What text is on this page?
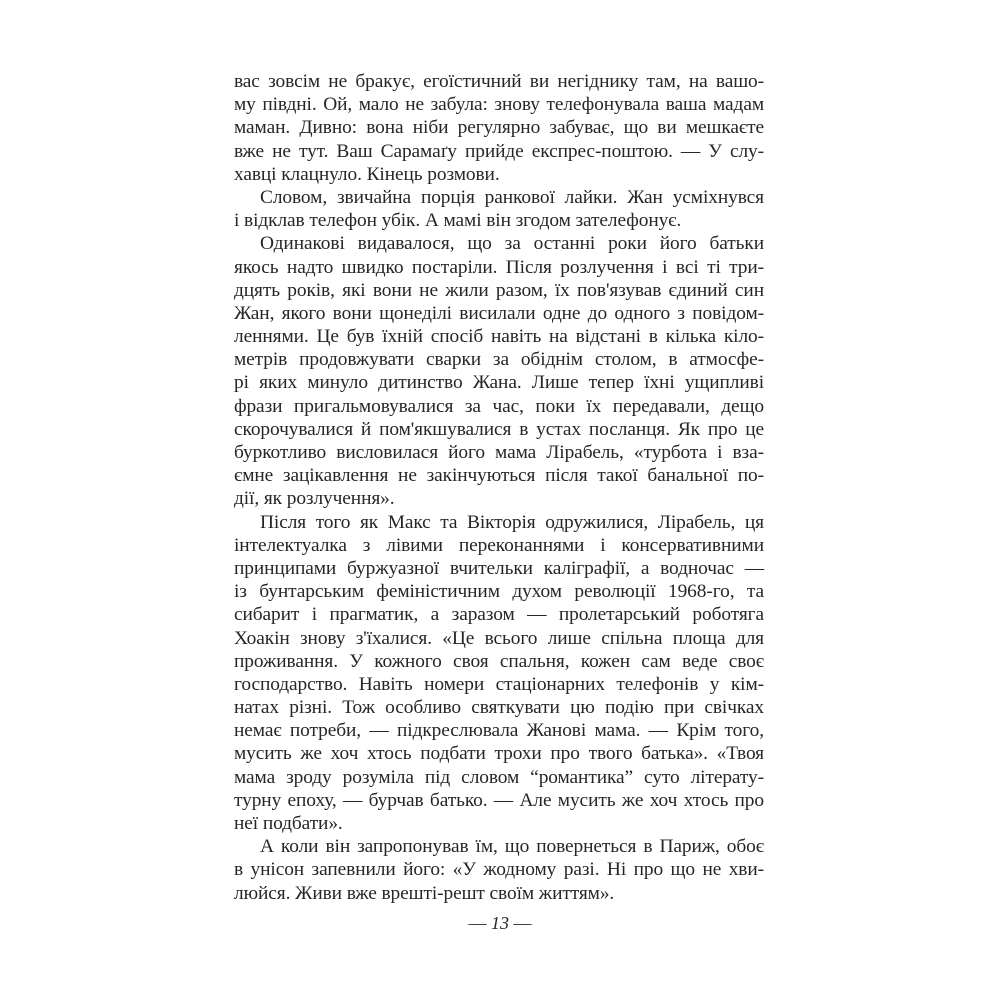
вас зовсім не бракує, егоїстичний ви негіднику там, на вашо-
му півдні. Ой, мало не забула: знову телефонувала ваша мадам
маман. Дивно: вона ніби регулярно забуває, що ви мешкаєте
вже не тут. Ваш Сарамаґу прийде експрес-поштою. — У слу-
хавці клацнуло. Кінець розмови.
Словом, звичайна порція ранкової лайки. Жан усміхнувся
і відклав телефон убік. А мамі він згодом зателефонує.
Одинаковi видавалося, що за останні роки його батьки
якось надто швидко постаріли. Після розлучення і всі ті три-
дцять років, які вони не жили разом, їх пов'язував єдиний син
Жан, якого вони щонеділі висилали одне до одного з повідом-
леннями. Це був їхній спосіб навіть на відстані в кілька кіло-
метрів продовжувати сварки за обіднім столом, в атмосфе-
рі яких минуло дитинство Жана. Лише тепер їхні ущипливі
фрази пригальмовувалися за час, поки їх передавали, дещо
скорочувалися й пом'якшувалися в устах посланця. Як про це
буркотливо висловилася його мама Лірабель, «турбота і вза-
ємне зацікавлення не закінчуються після такої банальної по-
дії, як розлучення».
Після того як Макс та Вікторія одружилися, Лірабель, ця
інтелектуалка з лівими переконаннями і консервативними
принципами буржуазної вчительки каліграфії, а водночас —
із бунтарським феміністичним духом революції 1968-го, та
сибарит і прагматик, а заразом — пролетарський роботяга
Хоакін знову з'їхалися. «Це всього лише спільна площа для
проживання. У кожного своя спальня, кожен сам веде своє
господарство. Навіть номери стаціонарних телефонів у кім-
натах різні. Тож особливо святкувати цю подію при свічках
немає потреби, — підкреслювала Жанові мама. — Крім того,
мусить же хоч хтось подбати трохи про твого батька». «Твоя
мама зроду розуміла під словом “романтика” суто літерату-
турну епоху, — бурчав батько. — Але мусить же хоч хтось про
неї подбати».
А коли він запропонував їм, що повернеться в Париж, обоє
в унісон запевнили його: «У жодному разі. Ні про що не хви-
люйся. Живи вже врешті-решт своїм життям».
— 13 —
